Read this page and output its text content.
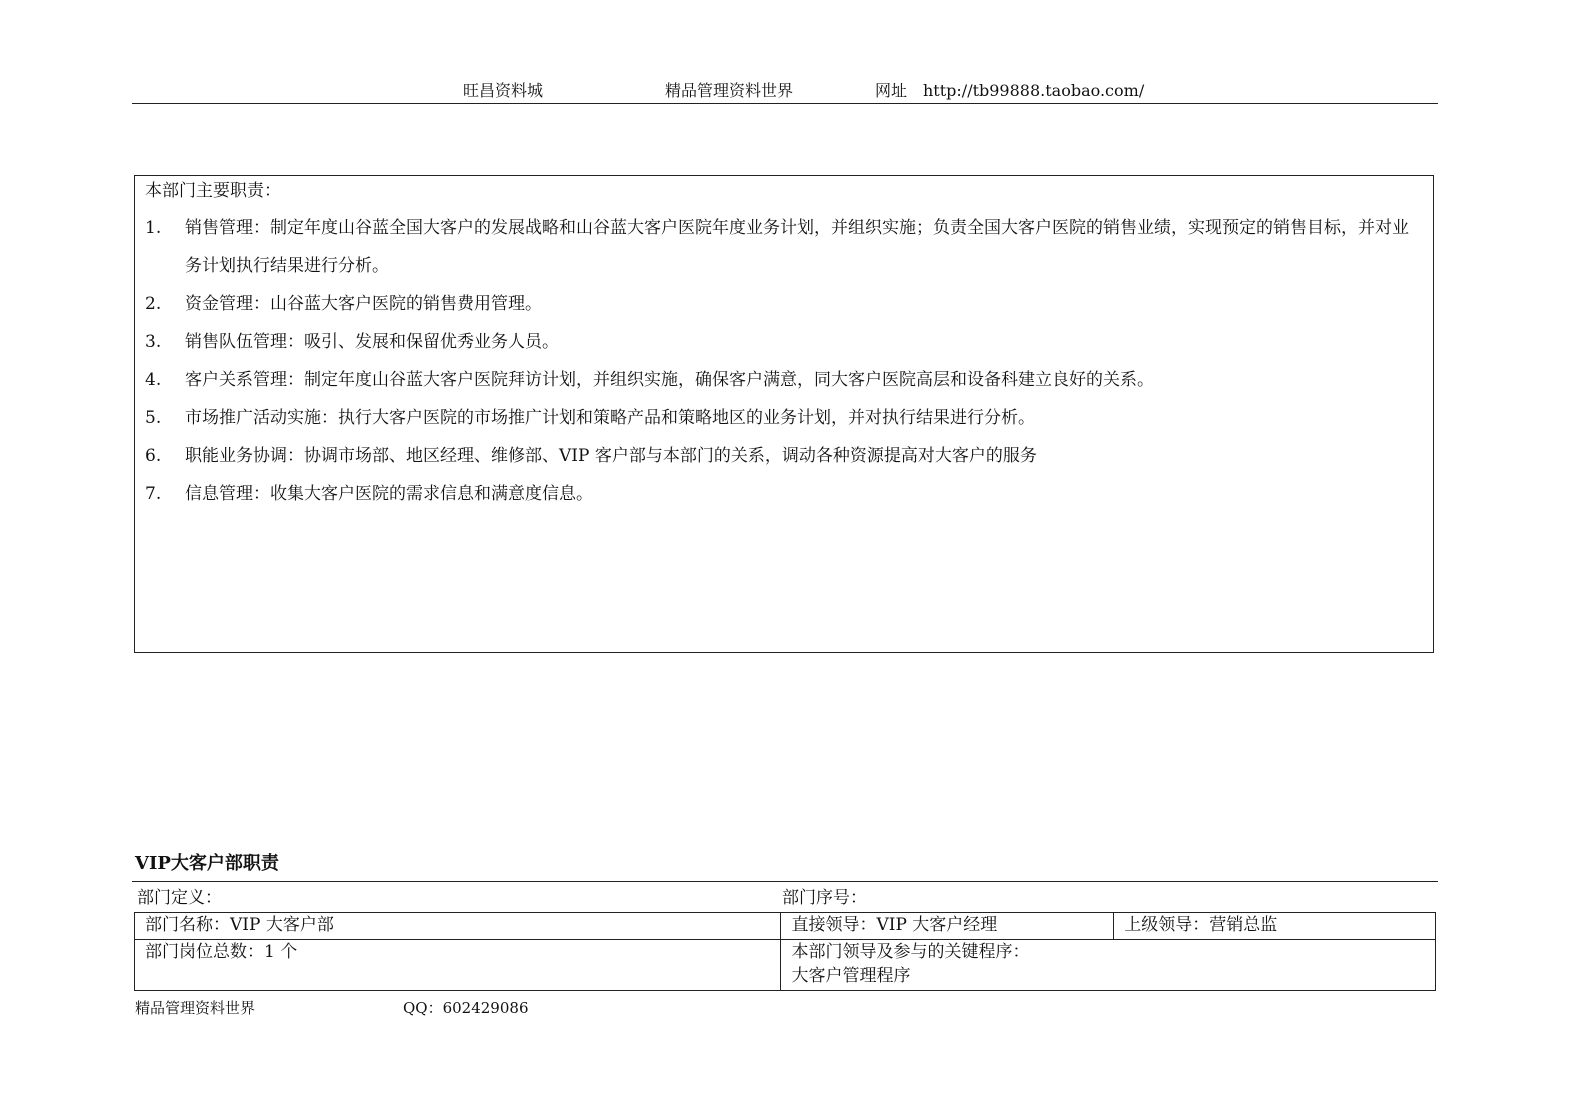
旺昌资料城	精品管理资料世界	网址 http://tb99888.taobao.com/
本部门主要职责：
1.	销售管理：制定年度山谷蓝全国大客户的发展战略和山谷蓝大客户医院年度业务计划，并组织实施；负责全国大客户医院的销售业绩，实现预定的销售目标，并对业务计划执行结果进行分析。
2.	资金管理：山谷蓝大客户医院的销售费用管理。
3.	销售队伍管理：吸引、发展和保留优秀业务人员。
4.	客户关系管理：制定年度山谷蓝大客户医院拜访计划，并组织实施，确保客户满意，同大客户医院高层和设备科建立良好的关系。
5.	市场推广活动实施：执行大客户医院的市场推广计划和策略产品和策略地区的业务计划，并对执行结果进行分析。
6.	职能业务协调：协调市场部、地区经理、维修部、VIP 客户部与本部门的关系，调动各种资源提高对大客户的服务
7.	信息管理：收集大客户医院的需求信息和满意度信息。
VIP大客户部职责
部门定义：	部门序号：
部门名称：VIP 大客户部	直接领导：VIP 大客户经理	上级领导：营销总监
部门岗位总数：1 个	本部门领导及参与的关键程序：
大客户管理程序	
精品管理资料世界	QQ：602429086
